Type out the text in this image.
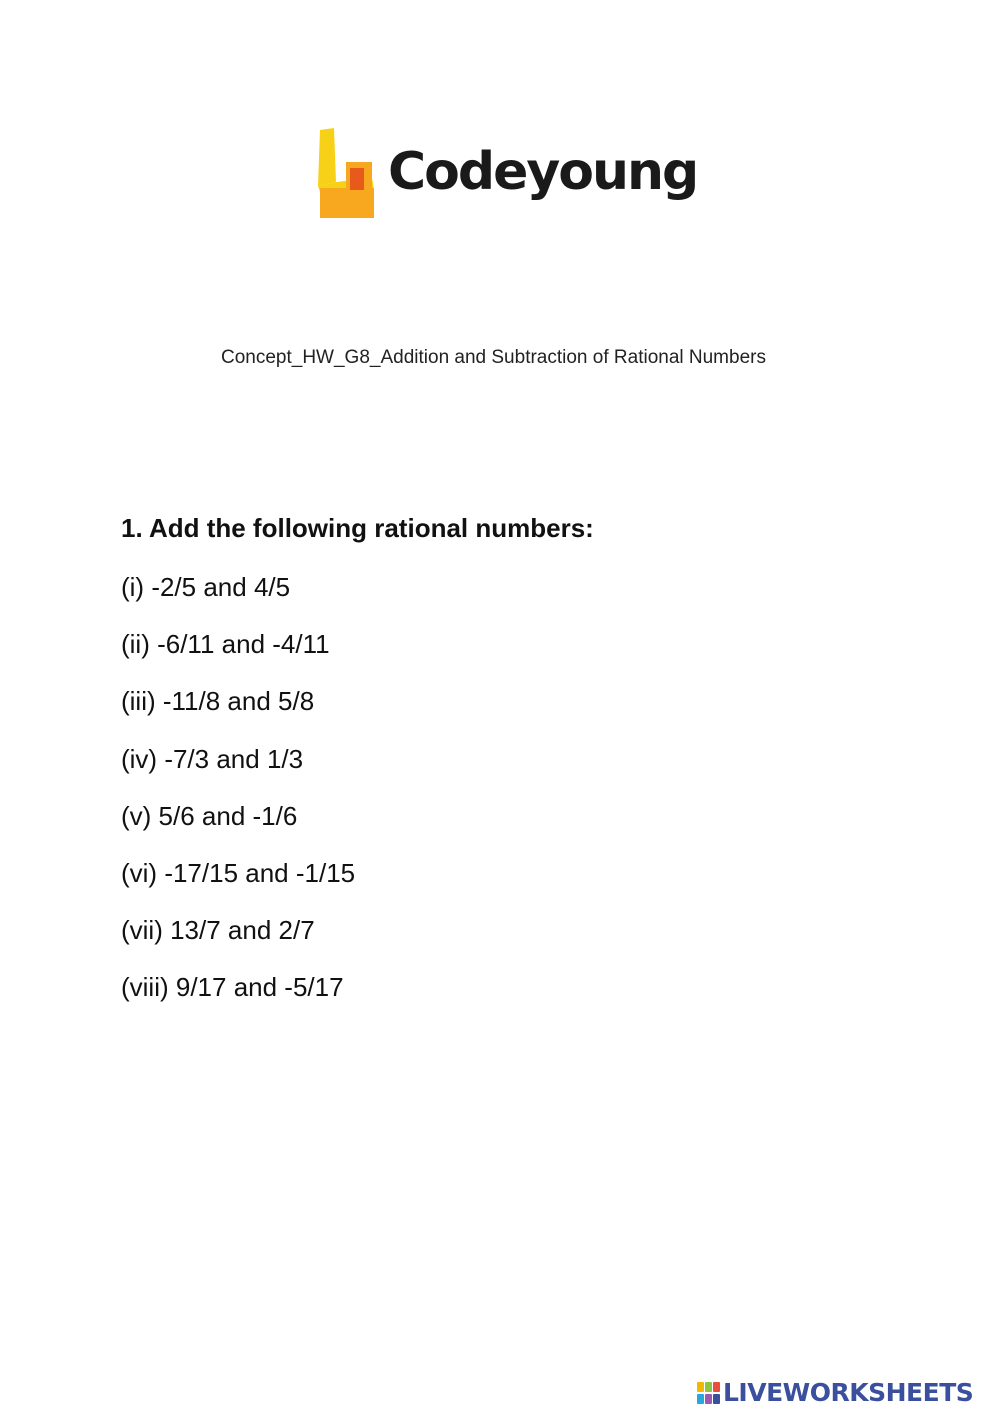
Codeyoung
Concept_HW_G8_Addition and Subtraction of Rational Numbers
1. Add the following rational numbers:
(i) -2/5 and 4/5
(ii) -6/11 and -4/11
(iii) -11/8 and 5/8
(iv) -7/3 and 1/3
(v) 5/6 and -1/6
(vi) -17/15 and -1/15
(vii) 13/7 and 2/7
(viii) 9/17 and -5/17
LIVEWORKSHEETS
